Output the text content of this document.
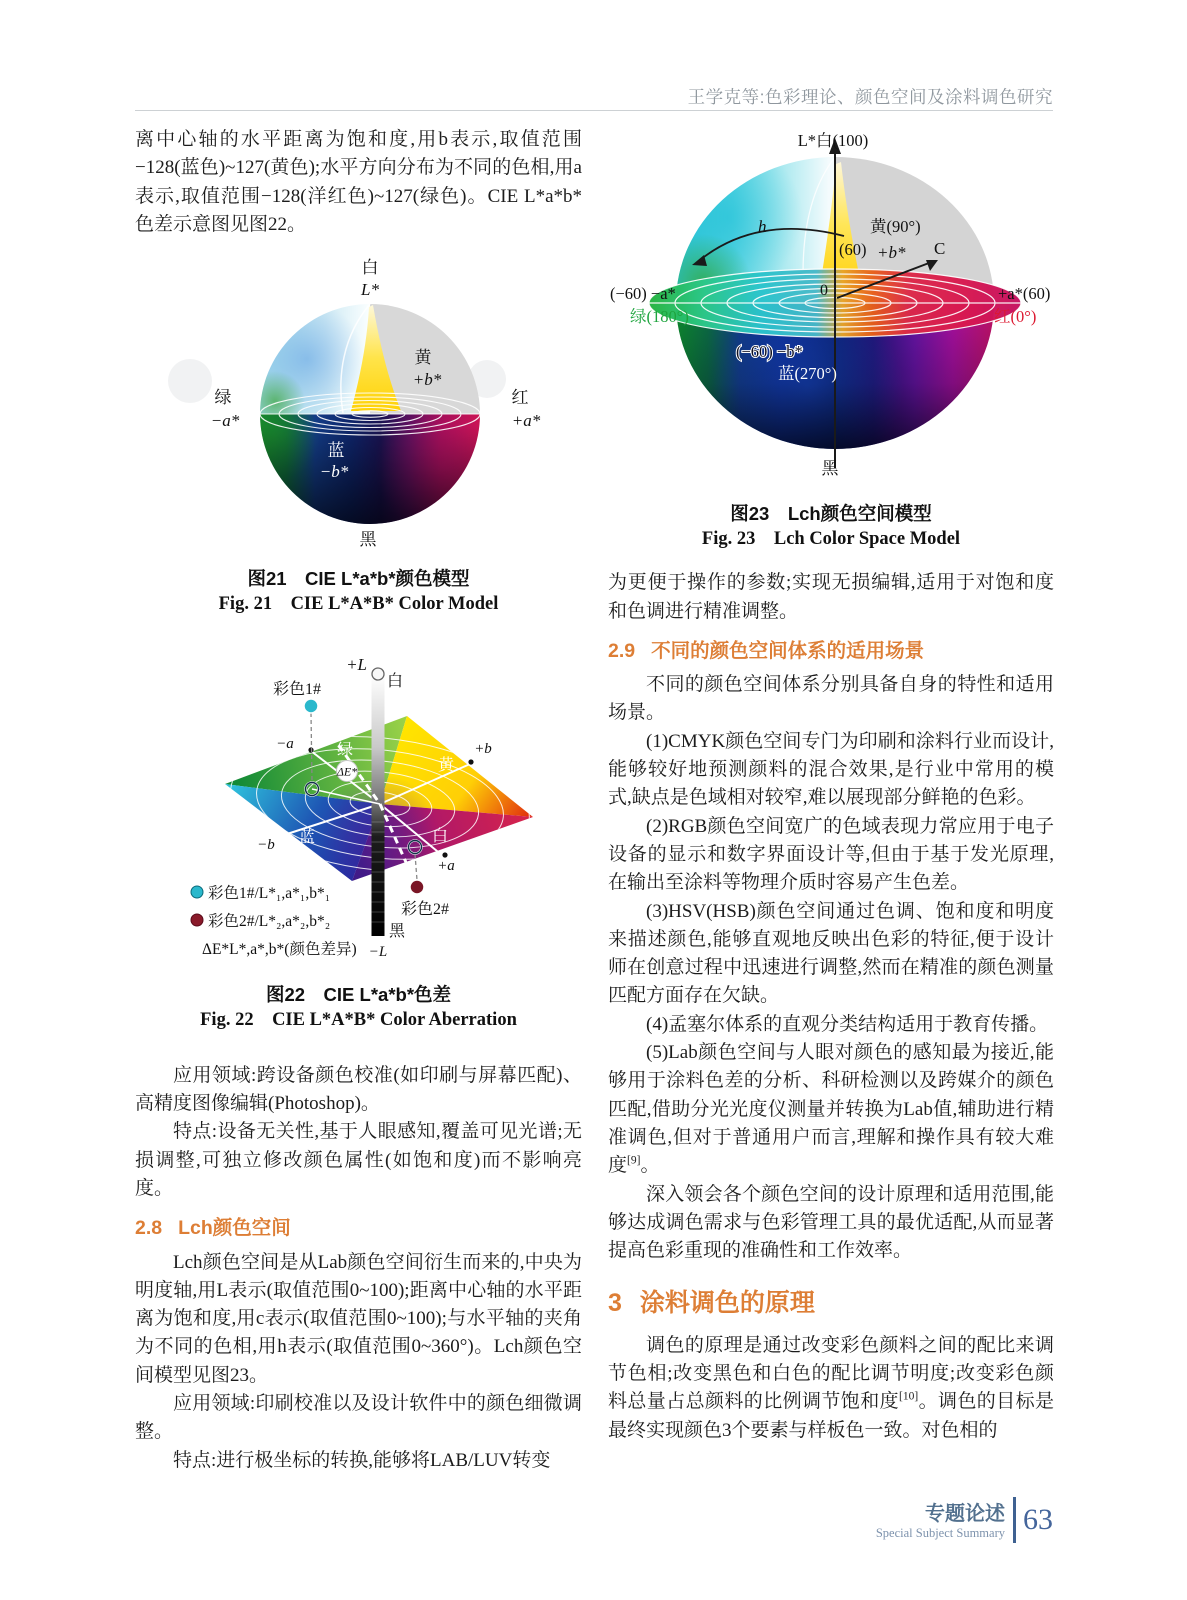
王学克等:色彩理论、颜色空间及涂料调色研究

离中心轴的水平距离为饱和度,用b表示,取值范围−128(蓝色)~127(黄色);水平方向分布为不同的色相,用a表示,取值范围−128(洋红色)~127(绿色)。CIE L*a*b*色差示意图见图22。

白
L*
黄
+b*
绿
−a*
红
+a*
蓝
−b*
黑
图21　CIE L*a*b*颜色模型
Fig. 21　CIE L*A*B* Color Model
ΔE*
彩色1#
彩色2#
−a	绿	+b
黄
−b 蓝	白
+a
+L
白
黑
−L
彩色1#/L*₁,a*₁,b*₁
彩色2#/L*₂,a*₂,b*₂
ΔE*L*,a*,b*(颜色差异)
图22　CIE L*a*b*色差
Fig. 22　CIE L*A*B* Color Aberration

应用领域:跨设备颜色校准(如印刷与屏幕匹配)、高精度图像编辑(Photoshop)。

特点:设备无关性,基于人眼感知,覆盖可见光谱;无损调整,可独立修改颜色属性(如饱和度)而不影响亮度。

2.8 Lch颜色空间

Lch颜色空间是从Lab颜色空间衍生而来的,中央为明度轴,用L表示(取值范围0~100);距离中心轴的水平距离为饱和度,用c表示(取值范围0~100);与水平轴的夹角为不同的色相,用h表示(取值范围0~360°)。Lch颜色空间模型见图23。

应用领域:印刷校准以及设计软件中的颜色细微调整。

特点:进行极坐标的转换,能够将LAB/LUV转变

L*白(100)
h	黄(90°)
(60) +b* C
0
(−60) −a*
绿(180°)
+a*(60)
红(0°)
(−60) −b*
蓝(270°)
黑
图23　Lch颜色空间模型
Fig. 23　Lch Color Space Model

为更便于操作的参数;实现无损编辑,适用于对饱和度和色调进行精准调整。

2.9 不同的颜色空间体系的适用场景

不同的颜色空间体系分别具备自身的特性和适用场景。

(1)CMYK颜色空间专门为印刷和涂料行业而设计,能够较好地预测颜料的混合效果,是行业中常用的模式,缺点是色域相对较窄,难以展现部分鲜艳的色彩。

(2)RGB颜色空间宽广的色域表现力常应用于电子设备的显示和数字界面设计等,但由于基于发光原理,在输出至涂料等物理介质时容易产生色差。

(3)HSV(HSB)颜色空间通过色调、饱和度和明度来描述颜色,能够直观地反映出色彩的特征,便于设计师在创意过程中迅速进行调整,然而在精准的颜色测量匹配方面存在欠缺。

(4)孟塞尔体系的直观分类结构适用于教育传播。

(5)Lab颜色空间与人眼对颜色的感知最为接近,能够用于涂料色差的分析、科研检测以及跨媒介的颜色匹配,借助分光光度仪测量并转换为Lab值,辅助进行精准调色,但对于普通用户而言,理解和操作具有较大难度[9]。

深入领会各个颜色空间的设计原理和适用范围,能够达成调色需求与色彩管理工具的最优适配,从而显著提高色彩重现的准确性和工作效率。

3 涂料调色的原理

调色的原理是通过改变彩色颜料之间的配比来调节色相;改变黑色和白色的配比调节明度;改变彩色颜料总量占总颜料的比例调节饱和度[10]。调色的目标是最终实现颜色3个要素与样板色一致。对色相的

专题论述
Special Subject Summary 63
